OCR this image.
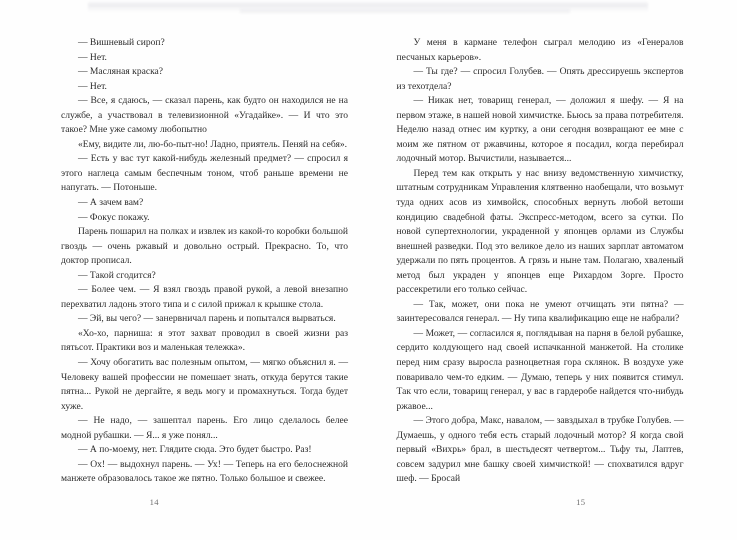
— Вишневый сироп?

— Нет.

— Масляная краска?

— Нет.

— Все, я сдаюсь, — сказал парень, как будто он находился не на службе, а участвовал в телевизионной «Угадайке». — И что это такое? Мне уже самому любопытно

«Ему, видите ли, лю-бо-пыт-но! Ладно, приятель. Пеняй на себя».

— Есть у вас тут какой-нибудь железный предмет? — спросил я этого наглеца самым беспечным тоном, чтоб раньше времени не напугать. — Потоньше.

— А зачем вам?

— Фокус покажу.

Парень пошарил на полках и извлек из какой-то коробки большой гвоздь — очень ржавый и довольно острый. Прекрасно. То, что доктор прописал.

— Такой сгодится?

— Более чем. — Я взял гвоздь правой рукой, а левой внезапно перехватил ладонь этого типа и с силой прижал к крышке стола.

— Эй, вы чего? — занервничал парень и попытался вырваться.

«Хо-хо, парниша: я этот захват проводил в своей жизни раз пятьсот. Практики воз и маленькая тележка».

— Хочу обогатить вас полезным опытом, — мягко объяснил я. — Человеку вашей профессии не помешает знать, откуда берутся такие пятна... Рукой не дергайте, я ведь могу и промахнуться. Тогда будет хуже.

— Не надо, — зашептал парень. Его лицо сделалось белее модной рубашки. — Я... я уже понял...

— А по-моему, нет. Глядите сюда. Это будет быстро. Раз!

— Ох! — выдохнул парень. — Ух! — Теперь на его белоснежной манжете образовалось такое же пятно. Только большое и свежее.

14

У меня в кармане телефон сыграл мелодию из «Генералов песчаных карьеров».

— Ты где? — спросил Голубев. — Опять дрессируешь экспертов из техотдела?

— Никак нет, товарищ генерал, — доложил я шефу. — Я на первом этаже, в нашей новой химчистке. Бьюсь за права потребителя. Неделю назад отнес им куртку, а они сегодня возвращают ее мне с моим же пятном от ржавчины, которое я посадил, когда перебирал лодочный мотор. Вычистили, называется...

Перед тем как открыть у нас внизу ведомственную химчистку, штатным сотрудникам Управления клятвенно наобещали, что возьмут туда одних асов из химвойск, способных вернуть любой ветоши кондицию свадебной фаты. Экспресс-методом, всего за сутки. По новой супертехнологии, украденной у японцев орлами из Службы внешней разведки. Под это великое дело из наших зарплат автоматом удержали по пять процентов. А грязь и ныне там. Полагаю, хваленый метод был украден у японцев еще Рихардом Зорге. Просто рассекретили его только сейчас.

— Так, может, они пока не умеют отчищать эти пятна? — заинтересовался генерал. — Ну типа квалификацию еще не набрали?

— Может, — согласился я, поглядывая на парня в белой рубашке, сердито колдующего над своей испачканной манжетой. На столике перед ним сразу выросла разноцветная гора склянок. В воздухе уже поваривало чем-то едким. — Думаю, теперь у них появится стимул. Так что если, товарищ генерал, у вас в гардеробе найдется что-нибудь ржавое...

— Этого добра, Макс, навалом, — завздыхал в трубке Голубев. — Думаешь, у одного тебя есть старый лодочный мотор? Я когда свой первый «Вихрь» брал, в шестьдесят четвертом... Тьфу ты, Лаптев, совсем задурил мне башку своей химчисткой! — спохватился вдруг шеф. — Бросай

15
